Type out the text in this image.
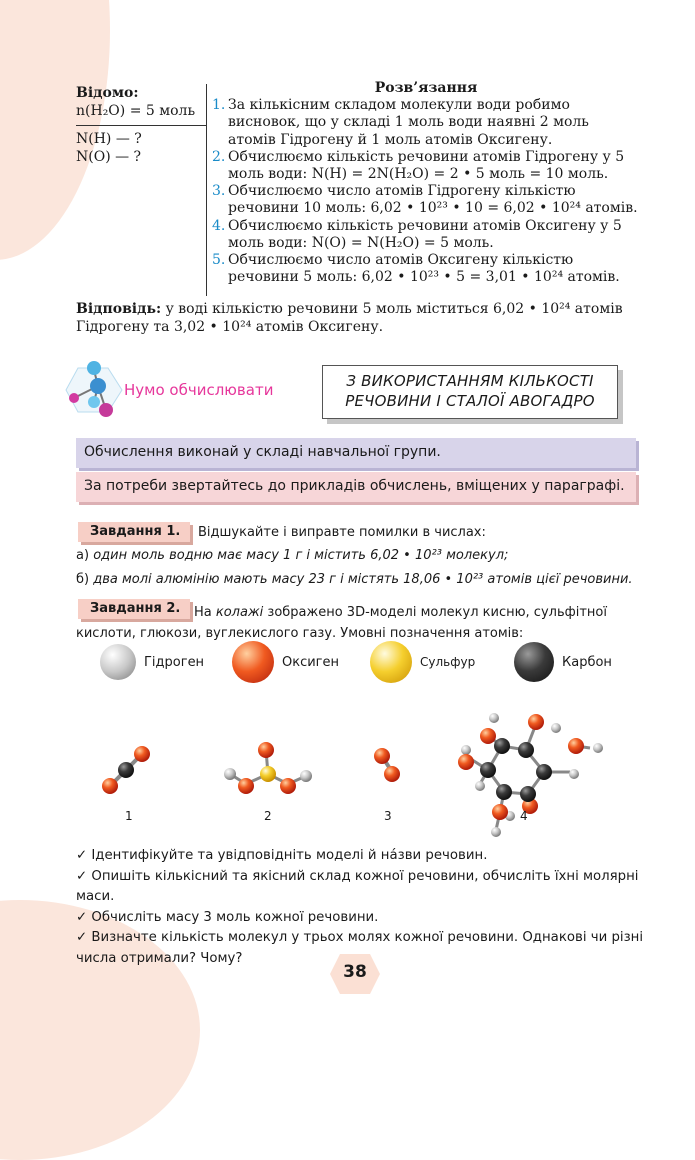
Відомо:
n(H₂O) = 5 моль
N(H) — ?
N(O) — ?
Розв’язання
1. За кількісним складом молекули води робимо висновок, що у складі 1 моль води наявні 2 моль атомів Гідрогену й 1 моль атомів Оксигену.
2. Обчислюємо кількість речовини атомів Гідрогену у 5 моль води: N(H) = 2N(H₂O) = 2 • 5 моль = 10 моль.
3. Обчислюємо число атомів Гідрогену кількістю речовини 10 моль: 6,02 • 10²³ • 10 = 6,02 • 10²⁴ атомів.
4. Обчислюємо кількість речовини атомів Оксигену у 5 моль води: N(O) = N(H₂O) = 5 моль.
5. Обчислюємо число атомів Оксигену кількістю речовини 5 моль: 6,02 • 10²³ • 5 = 3,01 • 10²⁴ атомів.
Відповідь: у воді кількістю речовини 5 моль міститься 6,02 • 10²⁴ атомів Гідрогену та 3,02 • 10²⁴ атомів Оксигену.
Нумо обчислювати	З ВИКОРИСТАННЯМ КІЛЬКОСТІ
РЕЧОВИНИ І СТАЛОЇ АВОГАДРО
Обчислення виконай у складі навчальної групи.
За потреби звертайтесь до прикладів обчислень, вміщених у параграфі.
Завдання 1.	Відшукайте і виправте помилки в числах:
а) один моль водню має масу 1 г і містить 6,02 • 10²³ молекул;
б) два молі алюмінію мають масу 23 г і містять 18,06 • 10²³ атомів цієї речовини.
Завдання 2.	На колажі зображено 3D-моделі молекул кисню, сульфітної кислоти, глюкози, вуглекислого газу. Умовні позначення атомів:
Гідроген	Оксиген	Сульфур	Карбон
1	2	3	4
✓ Ідентифікуйте та увідповідніть моделі й на́зви речовин.
✓ Опишіть кількісний та якісний склад кожної речовини, обчисліть їхні молярні маси.
✓ Обчисліть масу 3 моль кожної речовини.
✓ Визначте кількість молекул у трьох молях кожної речовини. Однакові чи різні числа отримали? Чому?
38
